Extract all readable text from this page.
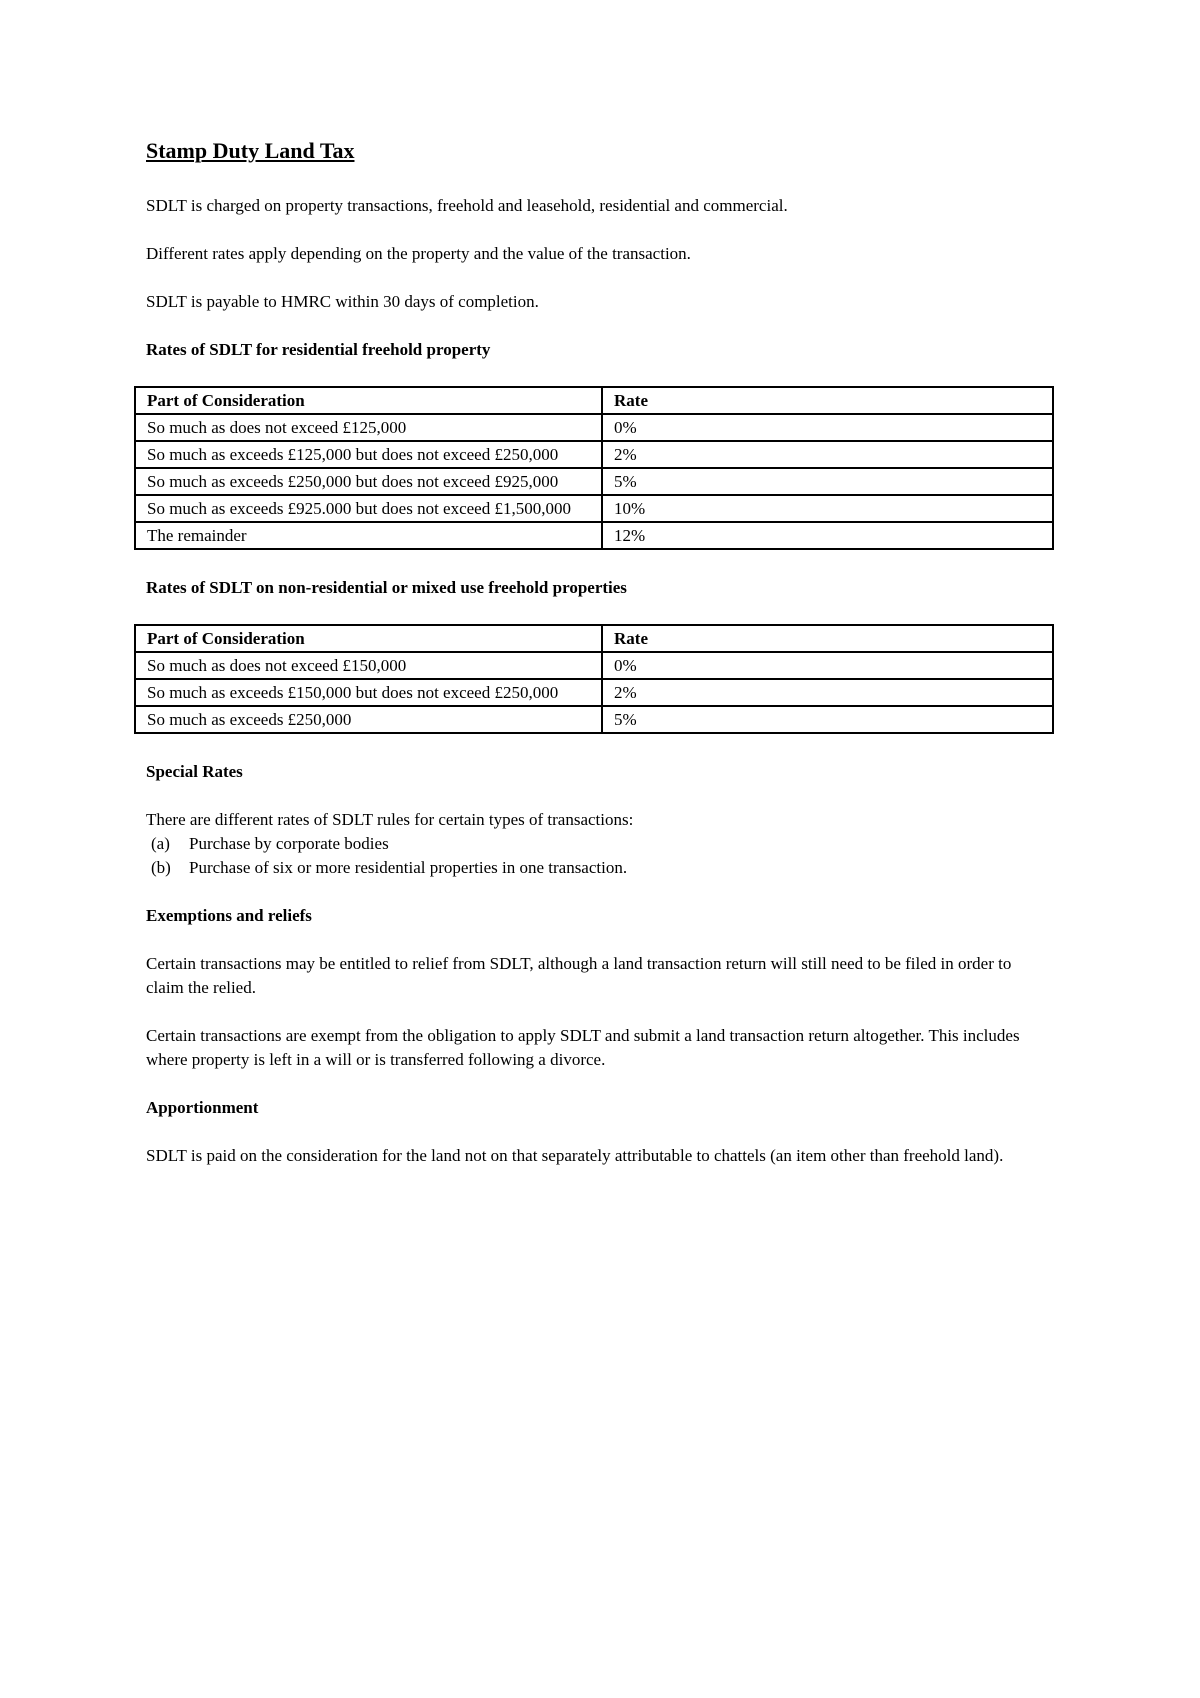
Stamp Duty Land Tax

SDLT is charged on property transactions, freehold and leasehold, residential and commercial.

Different rates apply depending on the property and the value of the transaction.

SDLT is payable to HMRC within 30 days of completion.

Rates of SDLT for residential freehold property
Part of Consideration	Rate
So much as does not exceed £125,000	0%
So much as exceeds £125,000 but does not exceed £250,000	2%
So much as exceeds £250,000 but does not exceed £925,000	5%
So much as exceeds £925.000 but does not exceed £1,500,000	10%
The remainder	12%
Rates of SDLT on non-residential or mixed use freehold properties
Part of Consideration	Rate
So much as does not exceed £150,000	0%
So much as exceeds £150,000 but does not exceed £250,000	2%
So much as exceeds £250,000	5%
Special Rates

There are different rates of SDLT rules for certain types of transactions:

(a) Purchase by corporate bodies
(b) Purchase of six or more residential properties in one transaction.
Exemptions and reliefs

Certain transactions may be entitled to relief from SDLT, although a land transaction return will still need to be filed in order to claim the relied.

Certain transactions are exempt from the obligation to apply SDLT and submit a land transaction return altogether. This includes where property is left in a will or is transferred following a divorce.

Apportionment

SDLT is paid on the consideration for the land not on that separately attributable to chattels (an item other than freehold land).
